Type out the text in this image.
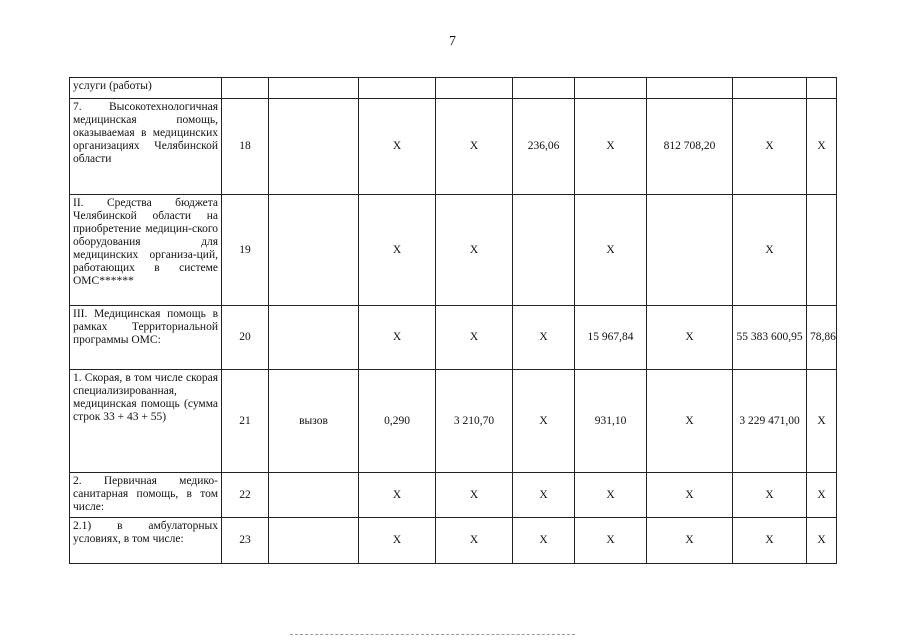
7
услуги (работы)									
7. Высокотехнологичная медицинская помощь, оказываемая в медицинских организациях Челябинской области	18		Х	Х	236,06	Х	812 708,20	Х	Х
II. Средства бюджета Челябинской области на приобретение медицин-ского оборудования для медицинских организа-ций, работающих в системе ОМС******	19		Х	Х		Х		Х	
III. Медицинская помощь в рамках Территориальной программы ОМС:	20		Х	Х	Х	15 967,84	Х	55 383 600,95	78,86
1. Скорая, в том числе скорая специализированная, медицинская помощь (сумма строк 33 + 43 + 55)	21	вызов	0,290	3 210,70	Х	931,10	Х	3 229 471,00	Х
2. Первичная медико-санитарная помощь, в том числе:	22		Х	Х	Х	Х	Х	Х	Х
2.1) в амбулаторных условиях, в том числе:	23		Х	Х	Х	Х	Х	Х	Х
